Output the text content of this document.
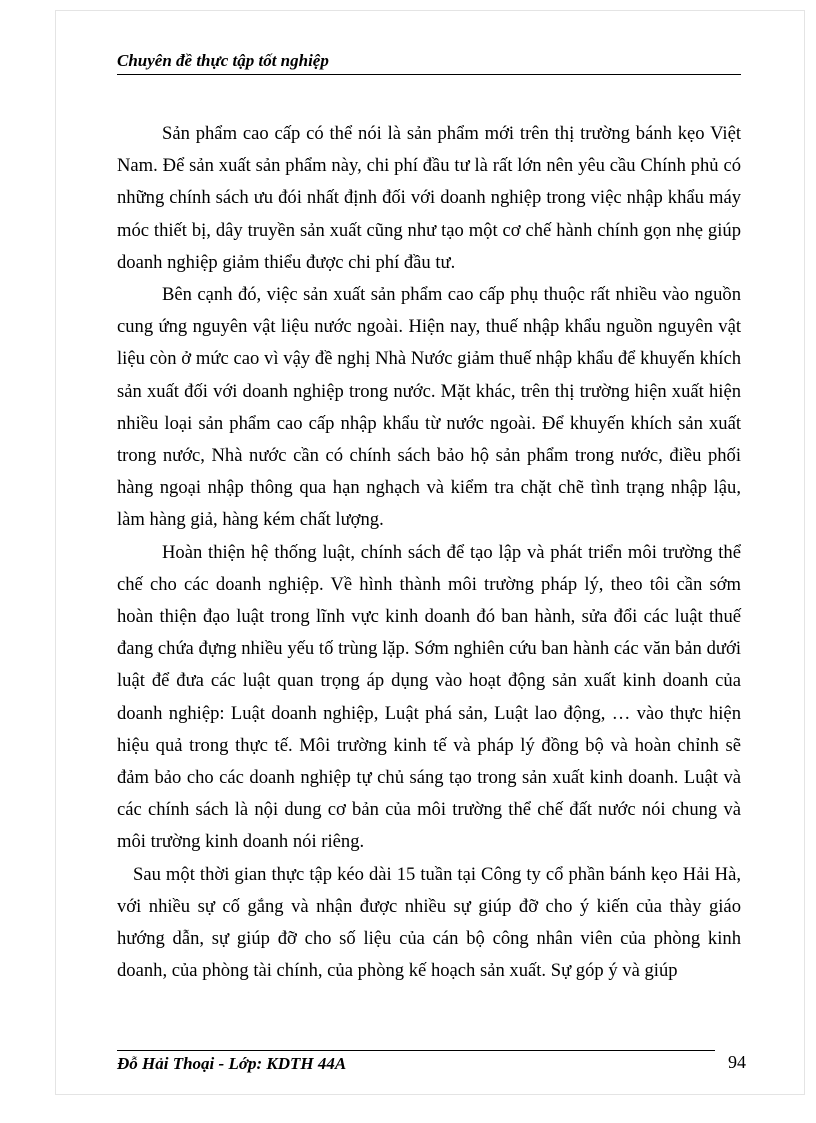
Chuyên đề thực tập tốt nghiệp

Sản phẩm cao cấp có thể nói là sản phẩm mới trên thị trường bánh kẹo Việt Nam. Để sản xuất sản phẩm này, chi phí đầu tư là rất lớn nên yêu cầu Chính phủ có những chính sách ưu đói nhất định đối với doanh nghiệp trong việc nhập khẩu máy móc thiết bị, dây truyền sản xuất cũng như tạo một cơ chế hành chính gọn nhẹ giúp doanh nghiệp giảm thiểu được chi phí đầu tư.

Bên cạnh đó, việc sản xuất sản phẩm cao cấp phụ thuộc rất nhiều vào nguồn cung ứng nguyên vật liệu nước ngoài. Hiện nay, thuế nhập khẩu nguồn nguyên vật liệu còn ở mức cao vì vậy đề nghị Nhà Nước giảm thuế nhập khẩu để khuyến khích sản xuất đối với doanh nghiệp trong nước. Mặt khác, trên thị trường hiện xuất hiện nhiều loại sản phẩm cao cấp nhập khẩu từ nước ngoài. Để khuyến khích sản xuất trong nước, Nhà nước cần có chính sách bảo hộ sản phẩm trong nước, điều phối hàng ngoại nhập thông qua hạn nghạch và kiểm tra chặt chẽ tình trạng nhập lậu, làm hàng giả, hàng kém chất lượng.

Hoàn thiện hệ thống luật, chính sách để tạo lập và phát triển môi trường thể chế cho các doanh nghiệp. Về hình thành môi trường pháp lý, theo tôi cần sớm hoàn thiện đạo luật trong lĩnh vực kinh doanh đó ban hành, sửa đổi các luật thuế đang chứa đựng nhiều yếu tố trùng lặp. Sớm nghiên cứu ban hành các văn bản dưới luật để đưa các luật quan trọng áp dụng vào hoạt động sản xuất kinh doanh của doanh nghiệp: Luật doanh nghiệp, Luật phá sản, Luật lao động, … vào thực hiện hiệu quả trong thực tế. Môi trường kinh tế và pháp lý đồng bộ và hoàn chỉnh sẽ đảm bảo cho các doanh nghiệp tự chủ sáng tạo trong sản xuất kinh doanh. Luật và các chính sách là nội dung cơ bản của môi trường thể chế đất nước nói chung và môi trường kinh doanh nói riêng.

Sau một thời gian thực tập kéo dài 15 tuần tại Công ty cổ phần bánh kẹo Hải Hà, với nhiều sự cố gắng và nhận được nhiều sự giúp đỡ cho ý kiến của thày giáo hướng dẫn, sự giúp đỡ cho số liệu của cán bộ công nhân viên của phòng kinh doanh, của phòng tài chính, của phòng kế hoạch sản xuất. Sự góp ý và giúp

Đỗ Hải Thoại - Lớp: KDTH 44A	94
